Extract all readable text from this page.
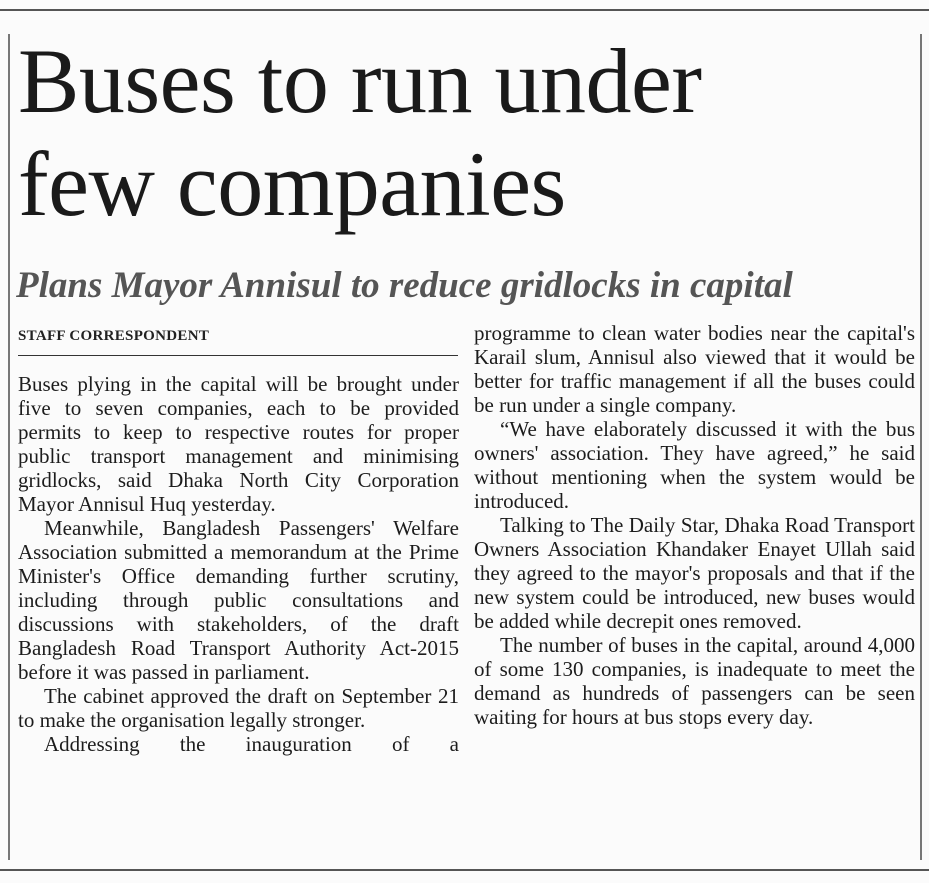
Buses to run under
few companies
Plans Mayor Annisul to reduce gridlocks in capital
STAFF CORRESPONDENT

Buses plying in the capital will be brought under five to seven companies, each to be provided permits to keep to respective routes for proper public transport management and minimising gridlocks, said Dhaka North City Corporation Mayor Annisul Huq yesterday.

Meanwhile, Bangladesh Passengers' Welfare Association submitted a memorandum at the Prime Minister's Office demanding further scrutiny, including through public consultations and discussions with stakeholders, of the draft Bangladesh Road Transport Authority Act-2015 before it was passed in parliament.

The cabinet approved the draft on September 21 to make the organisation legally stronger.

Addressing the inauguration of a

programme to clean water bodies near the capital's Karail slum, Annisul also viewed that it would be better for traffic management if all the buses could be run under a single company.

“We have elaborately discussed it with the bus owners' association. They have agreed,” he said without mentioning when the system would be introduced.

Talking to The Daily Star, Dhaka Road Transport Owners Association Khandaker Enayet Ullah said they agreed to the mayor's proposals and that if the new system could be introduced, new buses would be added while decrepit ones removed.

The number of buses in the capital, around 4,000 of some 130 companies, is inadequate to meet the demand as hundreds of passengers can be seen waiting for hours at bus stops every day.
